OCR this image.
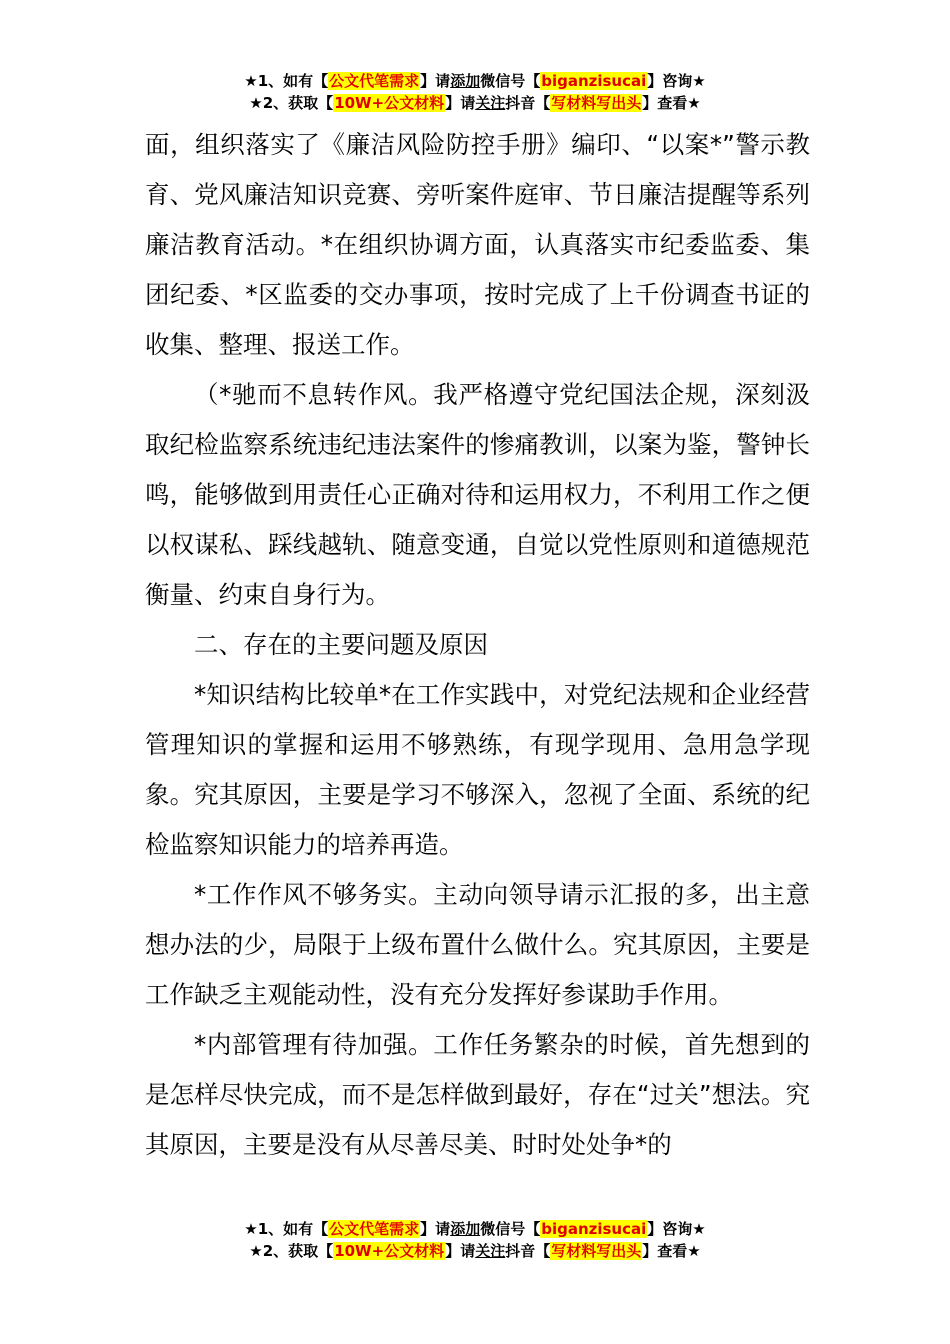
★1、如有【公文代笔需求】请添加微信号【biganzisucai】咨询★
★2、获取【10W+公文材料】请关注抖音【写材料写出头】查看★

面，组织落实了《廉洁风险防控手册》编印、“以案*”警示教育、党风廉洁知识竞赛、旁听案件庭审、节日廉洁提醒等系列廉洁教育活动。*在组织协调方面，认真落实市纪委监委、集团纪委、*区监委的交办事项，按时完成了上千份调查书证的收集、整理、报送工作。

（*驰而不息转作风。我严格遵守党纪国法企规，深刻汲取纪检监察系统违纪违法案件的惨痛教训，以案为鉴，警钟长鸣，能够做到用责任心正确对待和运用权力，不利用工作之便以权谋私、踩线越轨、随意变通，自觉以党性原则和道德规范衡量、约束自身行为。

二、存在的主要问题及原因

*知识结构比较单*在工作实践中，对党纪法规和企业经营管理知识的掌握和运用不够熟练，有现学现用、急用急学现象。究其原因，主要是学习不够深入，忽视了全面、系统的纪检监察知识能力的培养再造。

*工作作风不够务实。主动向领导请示汇报的多，出主意想办法的少，局限于上级布置什么做什么。究其原因，主要是工作缺乏主观能动性，没有充分发挥好参谋助手作用。

*内部管理有待加强。工作任务繁杂的时候，首先想到的是怎样尽快完成，而不是怎样做到最好，存在“过关”想法。究其原因，主要是没有从尽善尽美、时时处处争*的

★1、如有【公文代笔需求】请添加微信号【biganzisucai】咨询★
★2、获取【10W+公文材料】请关注抖音【写材料写出头】查看★
